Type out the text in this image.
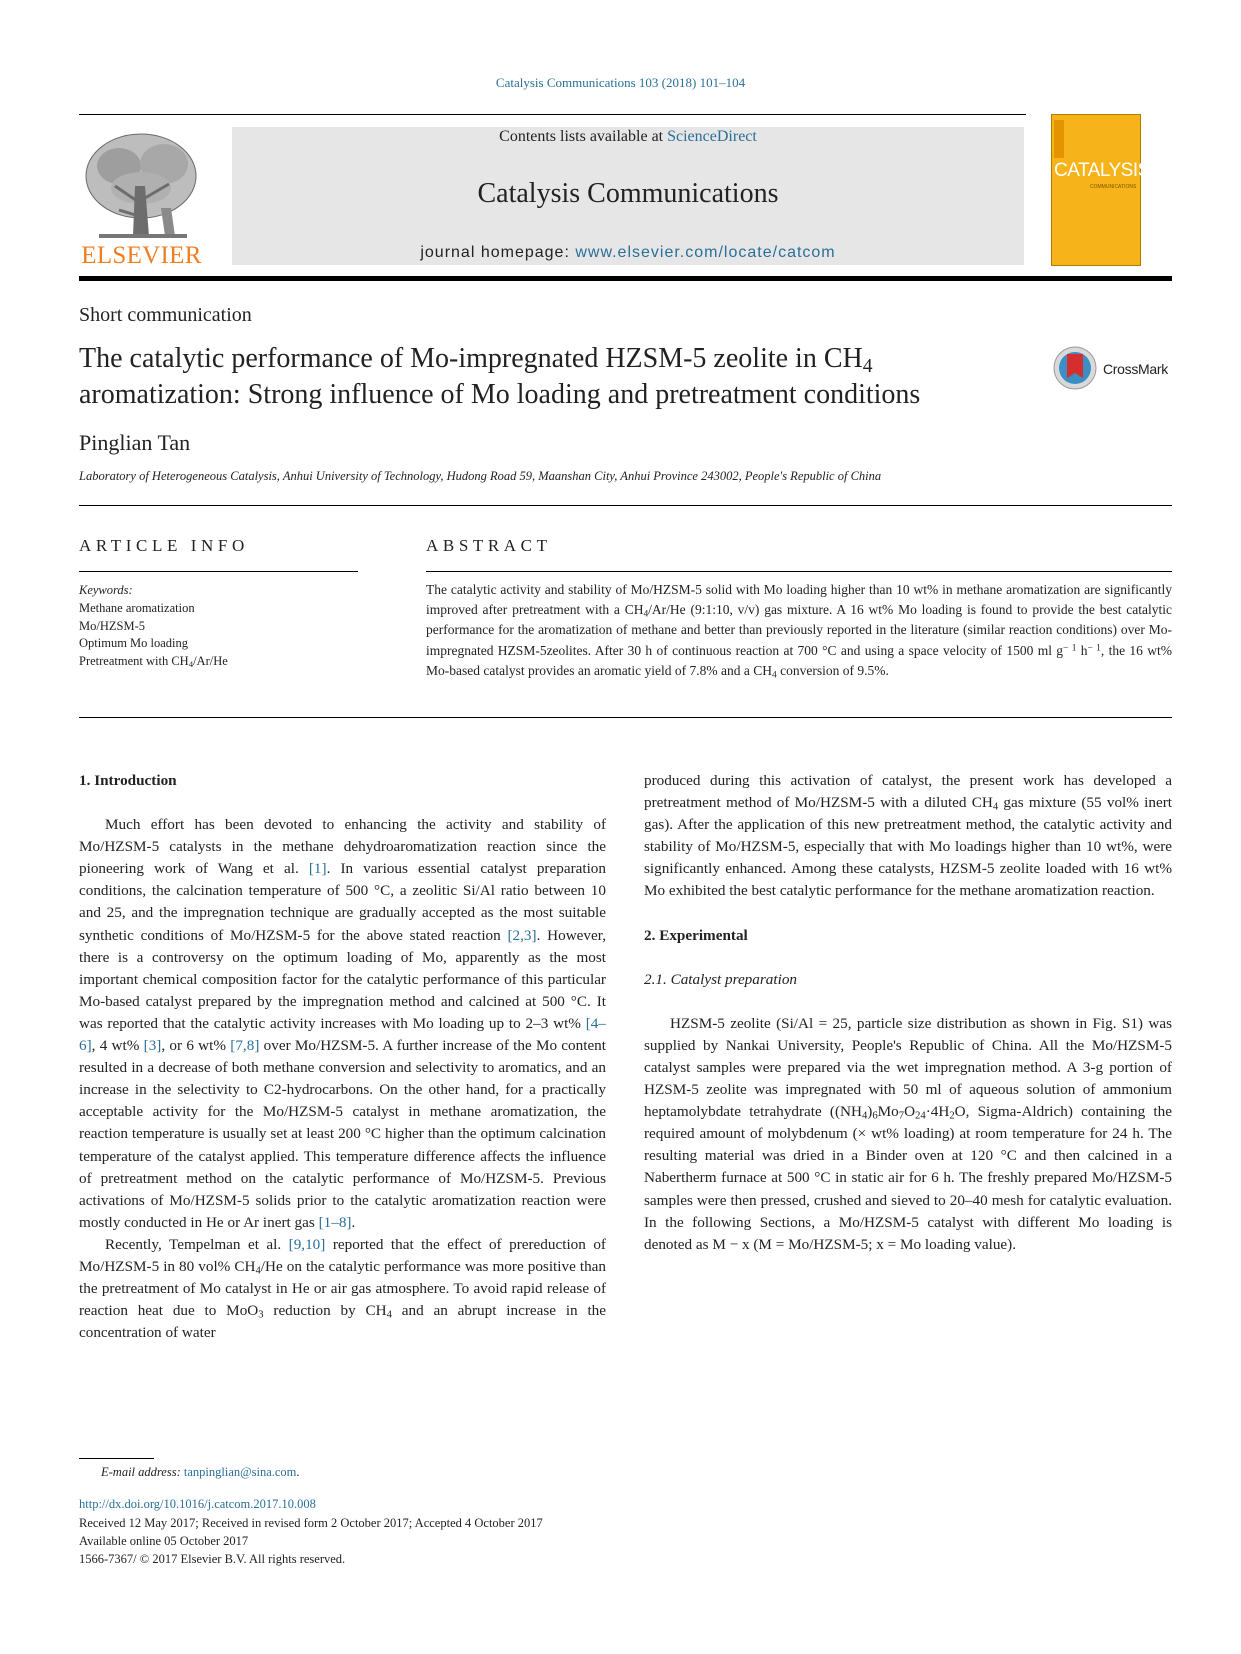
Catalysis Communications 103 (2018) 101–104
ELSEVIER
Contents lists available at ScienceDirect
Catalysis Communications
journal homepage: www.elsevier.com/locate/catcom
CATALYSIS
COMMUNICATIONS
Short communication
The catalytic performance of Mo-impregnated HZSM-5 zeolite in $CH_4$ aromatization: Strong influence of Mo loading and pretreatment conditions
CrossMark
Pinglian Tan
Laboratory of Heterogeneous Catalysis, Anhui University of Technology, Hudong Road 59, Maanshan City, Anhui Province 243002, People's Republic of China
ARTICLE INFO	ABSTRACT
Keywords:
Methane aromatization
Mo/HZSM-5
Optimum Mo loading
Pretreatment with $CH_4/Ar/He$
The catalytic activity and stability of Mo/HZSM-5 solid with Mo loading higher than 10 wt% in methane aromatization are significantly improved after pretreatment with a $CH_4/Ar/He$ (9:1:10, v/v) gas mixture. A 16 wt% Mo loading is found to provide the best catalytic performance for the aromatization of methane and better than previously reported in the literature (similar reaction conditions) over Mo-impregnated HZSM-5zeolites. After 30 h of continuous reaction at 700 °C and using a space velocity of 1500 ml $g^{- 1}$ $h^{- 1}$, the 16 wt% Mo-based catalyst provides an aromatic yield of 7.8% and a $CH_4$ conversion of 9.5%.
1. Introduction

Much effort has been devoted to enhancing the activity and stability of Mo/HZSM-5 catalysts in the methane dehydroaromatization reaction since the pioneering work of Wang et al. [1]. In various essential catalyst preparation conditions, the calcination temperature of 500 °C, a zeolitic Si/Al ratio between 10 and 25, and the impregnation technique are gradually accepted as the most suitable synthetic conditions of Mo/HZSM-5 for the above stated reaction [2,3]. However, there is a controversy on the optimum loading of Mo, apparently as the most important chemical composition factor for the catalytic performance of this particular Mo-based catalyst prepared by the impregnation method and calcined at 500 °C. It was reported that the catalytic activity increases with Mo loading up to 2–3 wt% [4–6], 4 wt% [3], or 6 wt% [7,8] over Mo/HZSM-5. A further increase of the Mo content resulted in a decrease of both methane conversion and selectivity to aromatics, and an increase in the selectivity to C2-hydrocarbons. On the other hand, for a practically acceptable activity for the Mo/HZSM-5 catalyst in methane aromatization, the reaction temperature is usually set at least 200 °C higher than the optimum calcination temperature of the catalyst applied. This temperature difference affects the influence of pretreatment method on the catalytic performance of Mo/HZSM-5. Previous activations of Mo/HZSM-5 solids prior to the catalytic aromatization reaction were mostly conducted in He or Ar inert gas [1–8].

Recently, Tempelman et al. [9,10] reported that the effect of prereduction of Mo/HZSM-5 in 80 vol% $CH_4/He$ on the catalytic performance was more positive than the pretreatment of Mo catalyst in He or air gas atmosphere. To avoid rapid release of reaction heat due to MoO$_3$ reduction by $CH_4$ and an abrupt increase in the concentration of water

produced during this activation of catalyst, the present work has developed a pretreatment method of Mo/HZSM-5 with a diluted $CH_4$ gas mixture (55 vol% inert gas). After the application of this new pretreatment method, the catalytic activity and stability of Mo/HZSM-5, especially that with Mo loadings higher than 10 wt%, were significantly enhanced. Among these catalysts, HZSM-5 zeolite loaded with 16 wt% Mo exhibited the best catalytic performance for the methane aromatization reaction.

2. Experimental
2.1. Catalyst preparation

HZSM-5 zeolite (Si/Al = 25, particle size distribution as shown in Fig. S1) was supplied by Nankai University, People's Republic of China. All the Mo/HZSM-5 catalyst samples were prepared via the wet impregnation method. A 3-g portion of HZSM-5 zeolite was impregnated with 50 ml of aqueous solution of ammonium heptamolybdate tetrahydrate ($(NH_4)_6Mo_7O_{24}\cdot 4H_2O$, Sigma-Aldrich) containing the required amount of molybdenum (× wt% loading) at room temperature for 24 h. The resulting material was dried in a Binder oven at 120 °C and then calcined in a Nabertherm furnace at 500 °C in static air for 6 h. The freshly prepared Mo/HZSM-5 samples were then pressed, crushed and sieved to 20–40 mesh for catalytic evaluation. In the following Sections, a Mo/HZSM-5 catalyst with different Mo loading is denoted as M − x (M = Mo/HZSM-5; x = Mo loading value).

E-mail address: tanpinglian@sina.com.
http://dx.doi.org/10.1016/j.catcom.2017.10.008
Received 12 May 2017; Received in revised form 2 October 2017; Accepted 4 October 2017
Available online 05 October 2017
1566-7367/ © 2017 Elsevier B.V. All rights reserved.
